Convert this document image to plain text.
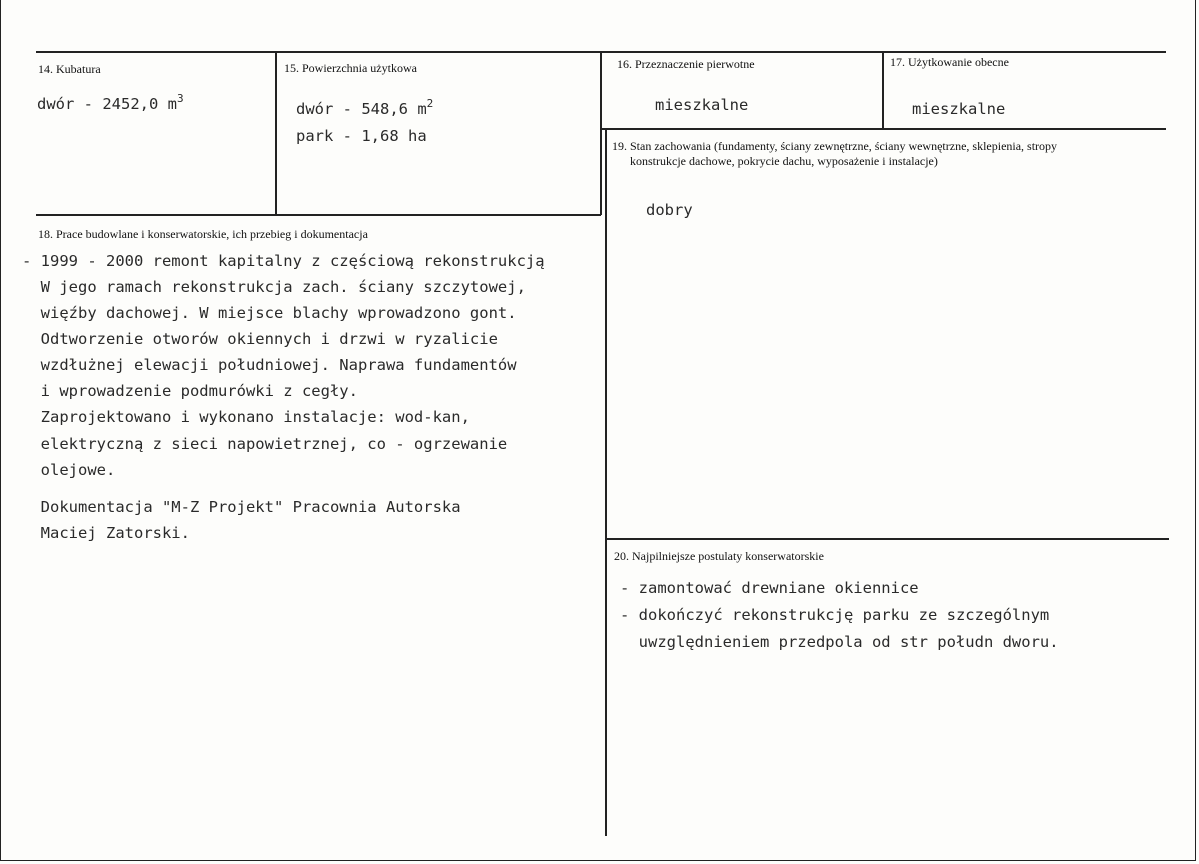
14. Kubatura
dwór - 2452,0 $m^3$
15. Powierzchnia użytkowa
dwór - 548,6 $m^2$
park - 1,68 ha
16. Przeznaczenie pierwotne
mieszkalne
17. Użytkowanie obecne
mieszkalne
18. Prace budowlane i konserwatorskie, ich przebieg i dokumentacja
- 1999 - 2000 remont kapitalny z częściową rekonstrukcją
W jego ramach rekonstrukcja zach. ściany szczytowej,
więźby dachowej. W miejsce blachy wprowadzono gont.
Odtworzenie otworów okiennych i drzwi w ryzalicie
wzdłużnej elewacji południowej. Naprawa fundamentów
i wprowadzenie podmurówki z cegły.
Zaprojektowano i wykonano instalacje: wod-kan,
elektryczną z sieci napowietrznej, co - ogrzewanie
olejowe.
Dokumentacja "M-Z Projekt" Pracownia Autorska
Maciej Zatorski.
19. Stan zachowania (fundamenty, ściany zewnętrzne, ściany wewnętrzne, sklepienia, stropy
konstrukcje dachowe, pokrycie dachu, wyposażenie i instalacje)
dobry
20. Najpilniejsze postulaty konserwatorskie
- zamontować drewniane okiennice
- dokończyć rekonstrukcję parku ze szczególnym
uwzględnieniem przedpola od str połudn dworu.
